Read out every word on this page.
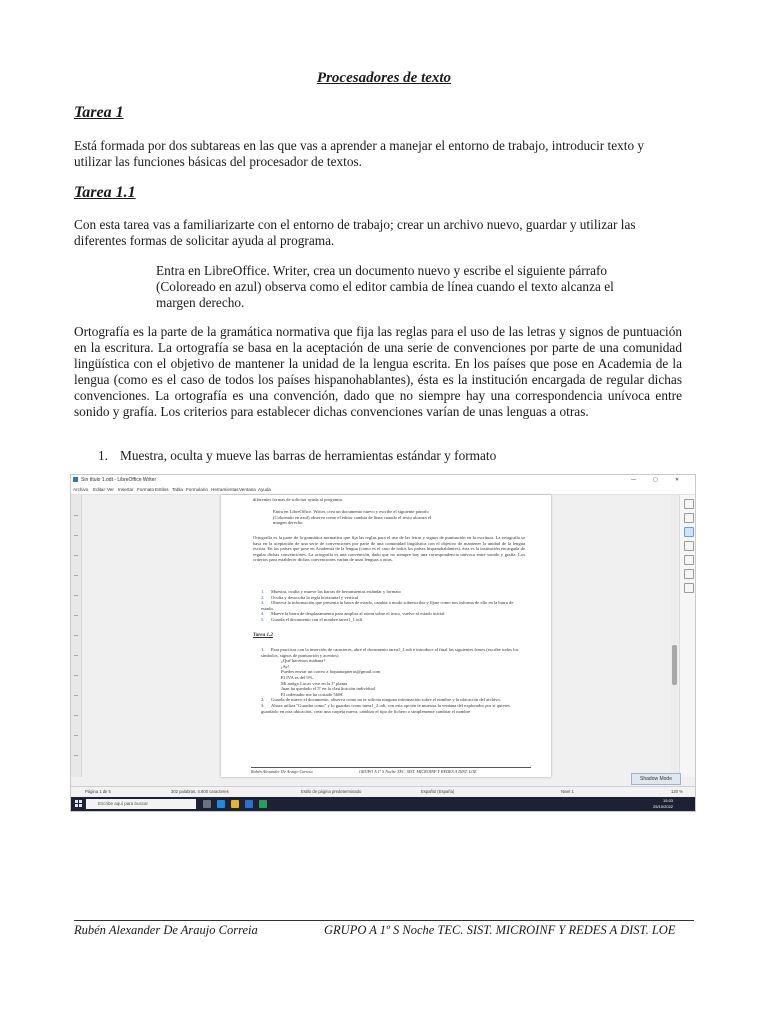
Procesadores de texto
Tarea 1
Está formada por dos subtareas en las que vas a aprender a manejar el entorno de trabajo, introducir texto y
utilizar las funciones básicas del procesador de textos.
Tarea 1.1
Con esta tarea vas a familiarizarte con el entorno de trabajo; crear un archivo nuevo, guardar y utilizar las
diferentes formas de solicitar ayuda al programa.
Entra en LibreOffice. Writer, crea un documento nuevo y escribe el siguiente párrafo
(Coloreado en azul) observa como el editor cambia de línea cuando el texto alcanza el
margen derecho.
Ortografía es la parte de la gramática normativa que fija las reglas para el uso de las letras y signos de puntuación en la escritura. La ortografía se basa en la aceptación de una serie de convenciones por parte de una comunidad lingüística con el objetivo de mantener la unidad de la lengua escrita. En los países que pose en Academia de la lengua (como es el caso de todos los países hispanohablantes), ésta es la institución encargada de regular dichas convenciones. La ortografía es una convención, dado que no siempre hay una correspondencia unívoca entre sonido y grafía. Los criterios para establecer dichas convenciones varían de unas lenguas a otras.
1. Muestra, oculta y mueve las barras de herramientas estándar y formato
Sin título 1.odt - LibreOffice Writer	—	▢	✕
Archivo Editar Ver Insertar Formato Estilos Tabla Formulario Herramientas Ventana Ayuda
diferentes formas de solicitar ayuda al programa.
Entra en LibreOffice. Writer, crea un documento nuevo y escribe el siguiente párrafo
(Coloreado en azul) observa como el editor cambia de línea cuando el texto alcanza el
margen derecho.
Ortografía es la parte de la gramática normativa que fija las reglas para el uso de las letras y signos de puntuación en la escritura. La ortografía se basa en la aceptación de una serie de convenciones por parte de una comunidad lingüística con el objetivo de mantener la unidad de la lengua escrita. En los países que pose en Academia de la lengua (como es el caso de todos los países hispanohablantes), ésta es la institución encargada de regular dichas convenciones. La ortografía es una convención, dado que no siempre hay una correspondencia unívoca entre sonido y grafía. Los criterios para establecer dichas convenciones varían de unas lenguas a otras.
1. Muestra, oculta y mueve las barras de herramientas estándar y formato
2. Oculta y desoculta la regla horizontal y vertical
3. Observa la información que presenta la barra de estado, cambia a modo sobrescribir y fíjate como nos informa de ello en la barra de estado.
4. Mueve la barra de desplazamiento para ampliar al zoom sobre el texto, vuelve al estado inicial
5. Guarda el documento con el nombre tarea1_1.odt
Tarea 1.2
1. Para practicar con la inserción de caracteres, abre el documento tarea1_1.odt e introduce al final las siguientes frases (escribe todos los símbolos, signos de puntuación y acentos)
¿Qué hacemos mañana?
¡Ay!
Puedes enviar un correo a loquatuquieras@gmail.com
El IVA es del 9%.
Mi amigo Lucas vive en la 1ª planta
Juan ha quedado el 5º en la clasificación individual
El ordenador me ha costado 560€
2. Guarda de nuevo el documento, observa como no te solicita ninguna información sobre el nombre y la ubicación del archivo.
3. Ahora utiliza "Guardar como" y lo guardas como tarea1_2.odt, con esta opción te muestra la ventana del explorador por si quieres guardarlo en otra ubicación, crear una carpeta nueva, cambiar el tipo de fichero o simplemente cambiar el nombre
Rubén Alexander De Araujo Correia	GRUPO A 1º S Noche TEC. SIST. MICROINF Y REDES A DIST. LOE
Shadow Mode
Página 1 de 5	302 palabras, 4.800 caracteres	Estilo de página predeterminado	Español (España)	Nivel 1	120 %
Escribe aquí para buscar
15:03
25/10/2022
Rubén Alexander De Araujo Correia	GRUPO A 1º S Noche TEC. SIST. MICROINF Y REDES A DIST. LOE
